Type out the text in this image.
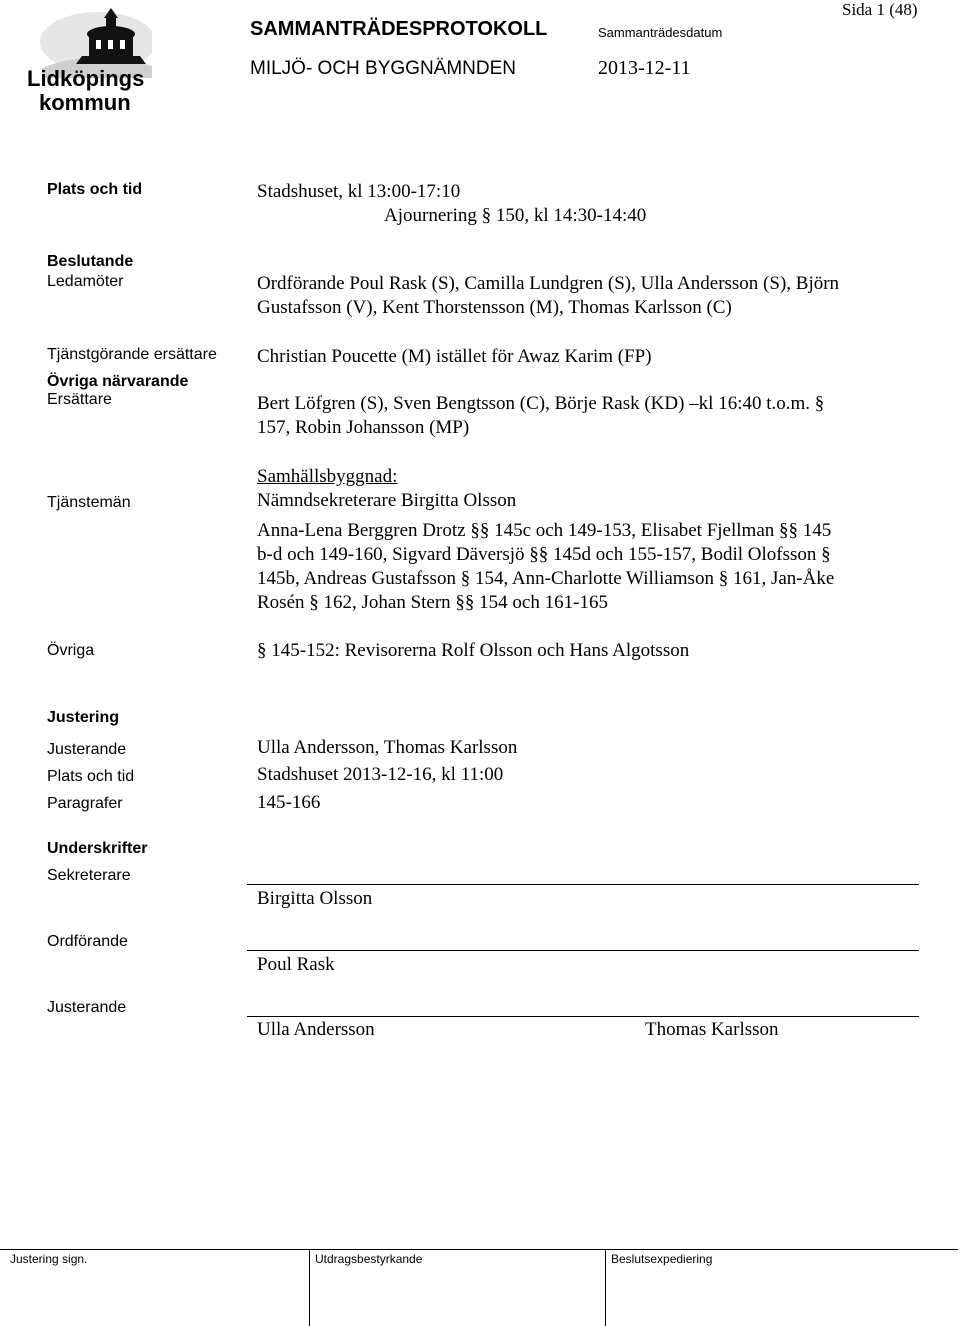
Lidköpings
kommun
SAMMANTRÄDESPROTOKOLL	Sammanträdesdatum
Sida 1 (48)
MILJÖ- OCH BYGGNÄMNDEN	2013-12-11
Plats och tid	Stadshuset, kl 13:00-17:10
Ajournering § 150, kl 14:30-14:40
Beslutande
Ledamöter	Ordförande Poul Rask (S), Camilla Lundgren (S), Ulla Andersson (S), Björn
Gustafsson (V), Kent Thorstensson (M), Thomas Karlsson (C)
Tjänstgörande ersättare Christian Poucette (M) istället för Awaz Karim (FP)
Övriga närvarande
Ersättare	Bert Löfgren (S), Sven Bengtsson (C), Börje Rask (KD) –kl 16:40 t.o.m. §
157, Robin Johansson (MP)
Samhällsbyggnad:
Tjänstemän	Nämndsekreterare Birgitta Olsson
Anna-Lena Berggren Drotz §§ 145c och 149-153, Elisabet Fjellman §§ 145
b-d och 149-160, Sigvard Däversjö §§ 145d och 155-157, Bodil Olofsson §
145b, Andreas Gustafsson § 154, Ann-Charlotte Williamson § 161, Jan-Åke
Rosén § 162, Johan Stern §§ 154 och 161-165
Övriga	§ 145-152: Revisorerna Rolf Olsson och Hans Algotsson
Justering
Justerande	Ulla Andersson, Thomas Karlsson
Plats och tid	Stadshuset 2013-12-16, kl 11:00
Paragrafer	145-166
Underskrifter
Sekreterare
Birgitta Olsson
Ordförande
Poul Rask
Justerande
Ulla Andersson	Thomas Karlsson
Justering sign.	Utdragsbestyrkande	Beslutsexpediering
